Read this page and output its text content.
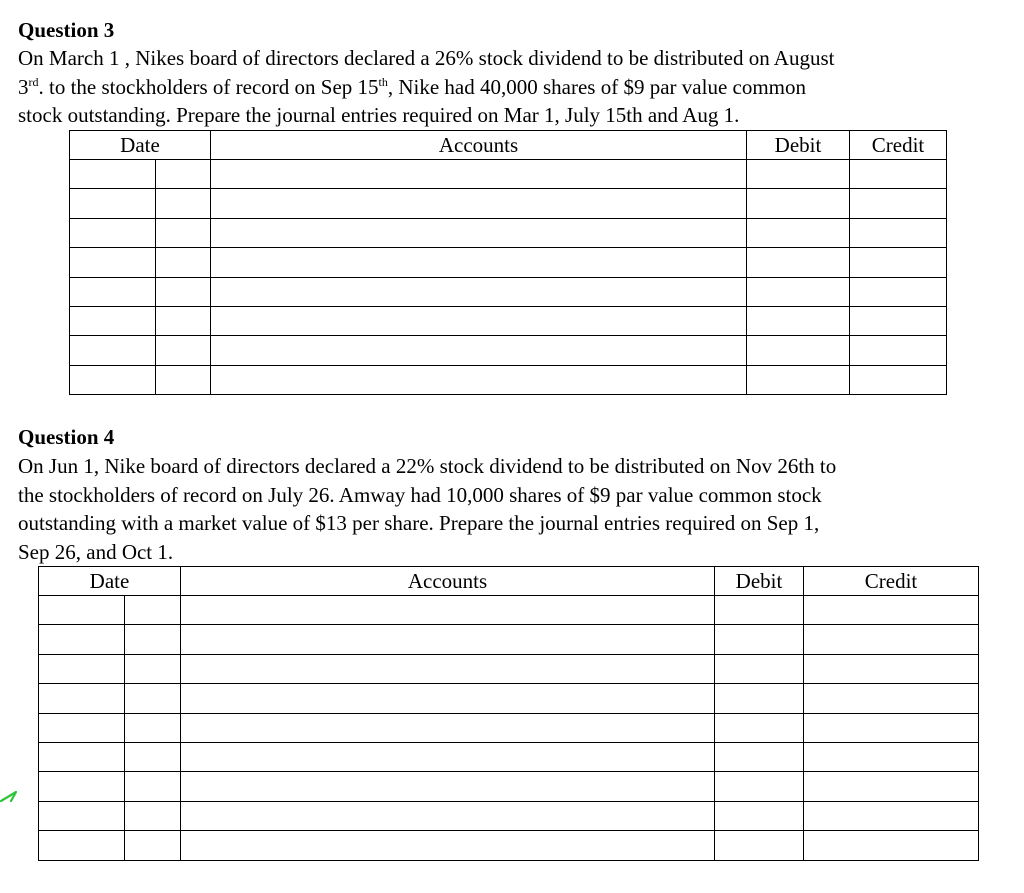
Question 3

On March 1 , Nikes board of directors declared a 26% stock dividend to be distributed on August
3rd. to the stockholders of record on Sep 15th, Nike had 40,000 shares of $9 par value common
stock outstanding. Prepare the journal entries required on Mar 1, July 15th and Aug 1.

Date		Accounts	Debit	Credit

Question 4

On Jun 1, Nike board of directors declared a 22% stock dividend to be distributed on Nov 26th to
the stockholders of record on July 26. Amway had 10,000 shares of $9 par value common stock
outstanding with a market value of $13 per share. Prepare the journal entries required on Sep 1,
Sep 26, and Oct 1.

Date		Accounts	Debit	Credit
